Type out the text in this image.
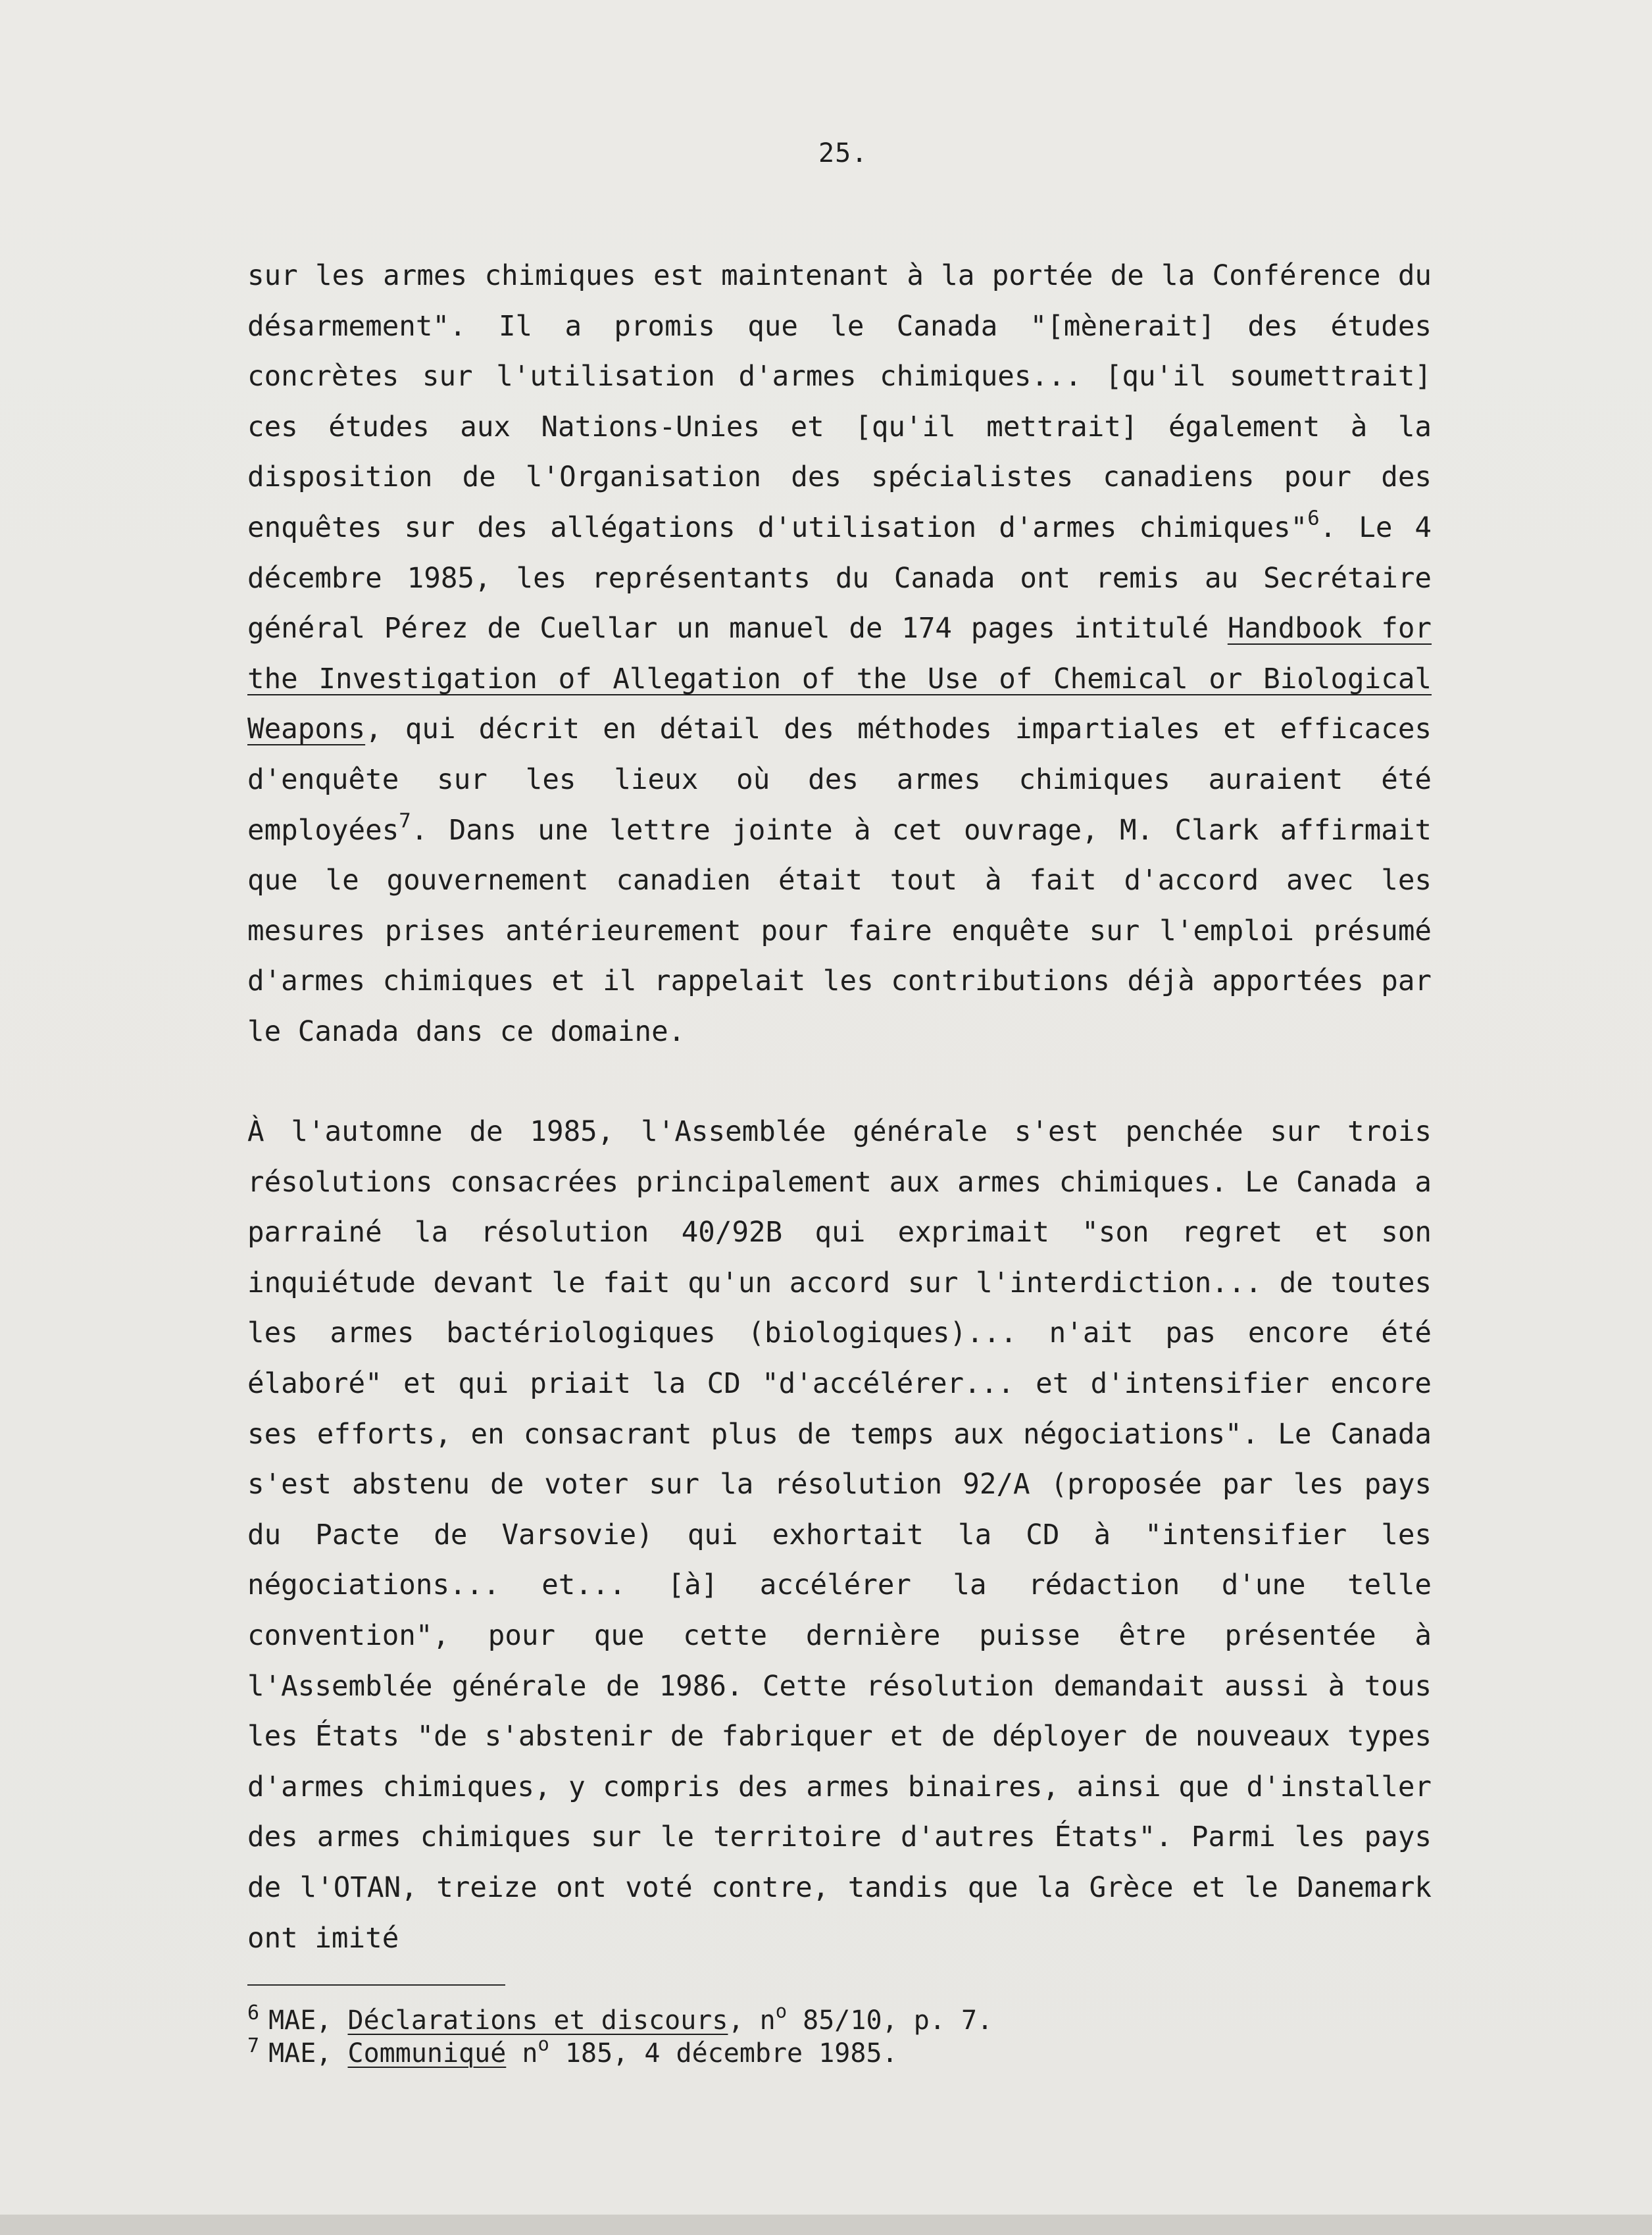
25.

sur les armes chimiques est maintenant à la portée de la Conférence du désarmement". Il a promis que le Canada "[mènerait] des études concrètes sur l'utilisation d'armes chimiques... [qu'il soumettrait] ces études aux Nations-Unies et [qu'il mettrait] également à la disposition de l'Organisation des spécialistes canadiens pour des enquêtes sur des allégations d'utilisation d'armes chimiques"$^6$. Le 4 décembre 1985, les représentants du Canada ont remis au Secrétaire général Pérez de Cuellar un manuel de 174 pages intitulé Handbook for the Investigation of Allegation of the Use of Chemical or Biological Weapons, qui décrit en détail des méthodes impartiales et efficaces d'enquête sur les lieux où des armes chimiques auraient été employées$^7$. Dans une lettre jointe à cet ouvrage, M. Clark affirmait que le gouvernement canadien était tout à fait d'accord avec les mesures prises antérieurement pour faire enquête sur l'emploi présumé d'armes chimiques et il rappelait les contributions déjà apportées par le Canada dans ce domaine.

À l'automne de 1985, l'Assemblée générale s'est penchée sur trois résolutions consacrées principalement aux armes chimiques. Le Canada a parrainé la résolution 40/92B qui exprimait "son regret et son inquiétude devant le fait qu'un accord sur l'interdiction... de toutes les armes bactériologiques (biologiques)... n'ait pas encore été élaboré" et qui priait la CD "d'accélérer... et d'intensifier encore ses efforts, en consacrant plus de temps aux négociations". Le Canada s'est abstenu de voter sur la résolution 92/A (proposée par les pays du Pacte de Varsovie) qui exhortait la CD à "intensifier les négociations... et... [à] accélérer la rédaction d'une telle convention", pour que cette dernière puisse être présentée à l'Assemblée générale de 1986. Cette résolution demandait aussi à tous les États "de s'abstenir de fabriquer et de déployer de nouveaux types d'armes chimiques, y compris des armes binaires, ainsi que d'installer des armes chimiques sur le territoire d'autres États". Parmi les pays de l'OTAN, treize ont voté contre, tandis que la Grèce et le Danemark ont imité

$^6$ MAE, Déclarations et discours, $n^o$ 85/10, p. 7.
$^7$ MAE, Communiqué $n^o$ 185, 4 décembre 1985.
